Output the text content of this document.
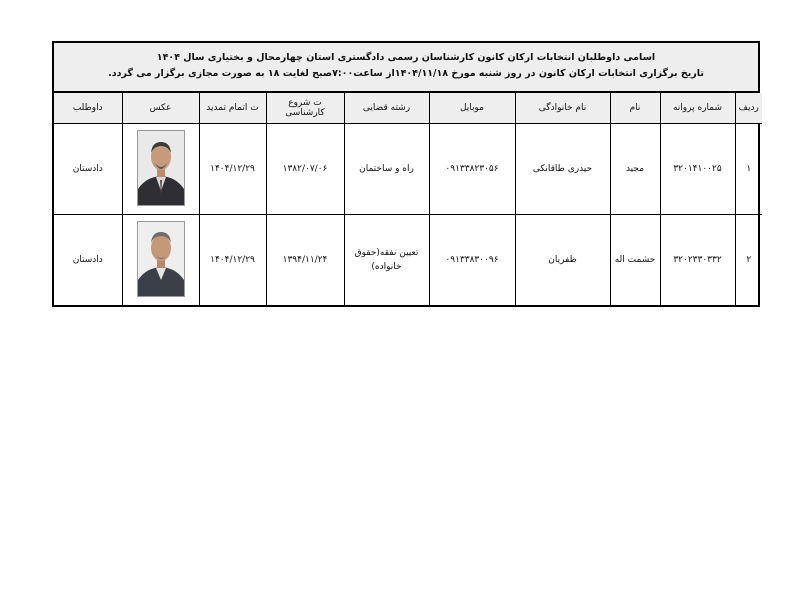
اسامی داوطلبان انتخابات ارکان کانون کارشناسان رسمی دادگستری استان چهارمحال و بختیاری سال ۱۴۰۴
تاریخ برگزاری انتخابات ارکان کانون در روز شنبه مورخ ۱۴۰۴/۱۱/۱۸از ساعت۷:۰۰صبح لغایت ۱۸ به صورت مجازی برگزار می گردد.
ردیف	شماره پروانه	نام	نام خانوادگی	موبایل	رشته قضایی	ت شروع کارشناسی	ت اتمام تمدید	عکس	داوطلب
۱	۳۲۰۱۴۱۰۰۲۵	مجید	حیدری طاقانکی	۰۹۱۳۳۸۲۳۰۵۶	راه و ساختمان	۱۳۸۲/۰۷/۰۶	۱۴۰۴/۱۲/۲۹		دادستان
۲	۳۲۰۲۳۳۰۳۳۲	حشمت اله	ظفریان	۰۹۱۳۳۸۳۰۰۹۶	تعیین نفقه(حقوق خانواده)	۱۳۹۴/۱۱/۲۴	۱۴۰۴/۱۲/۲۹		دادستان
